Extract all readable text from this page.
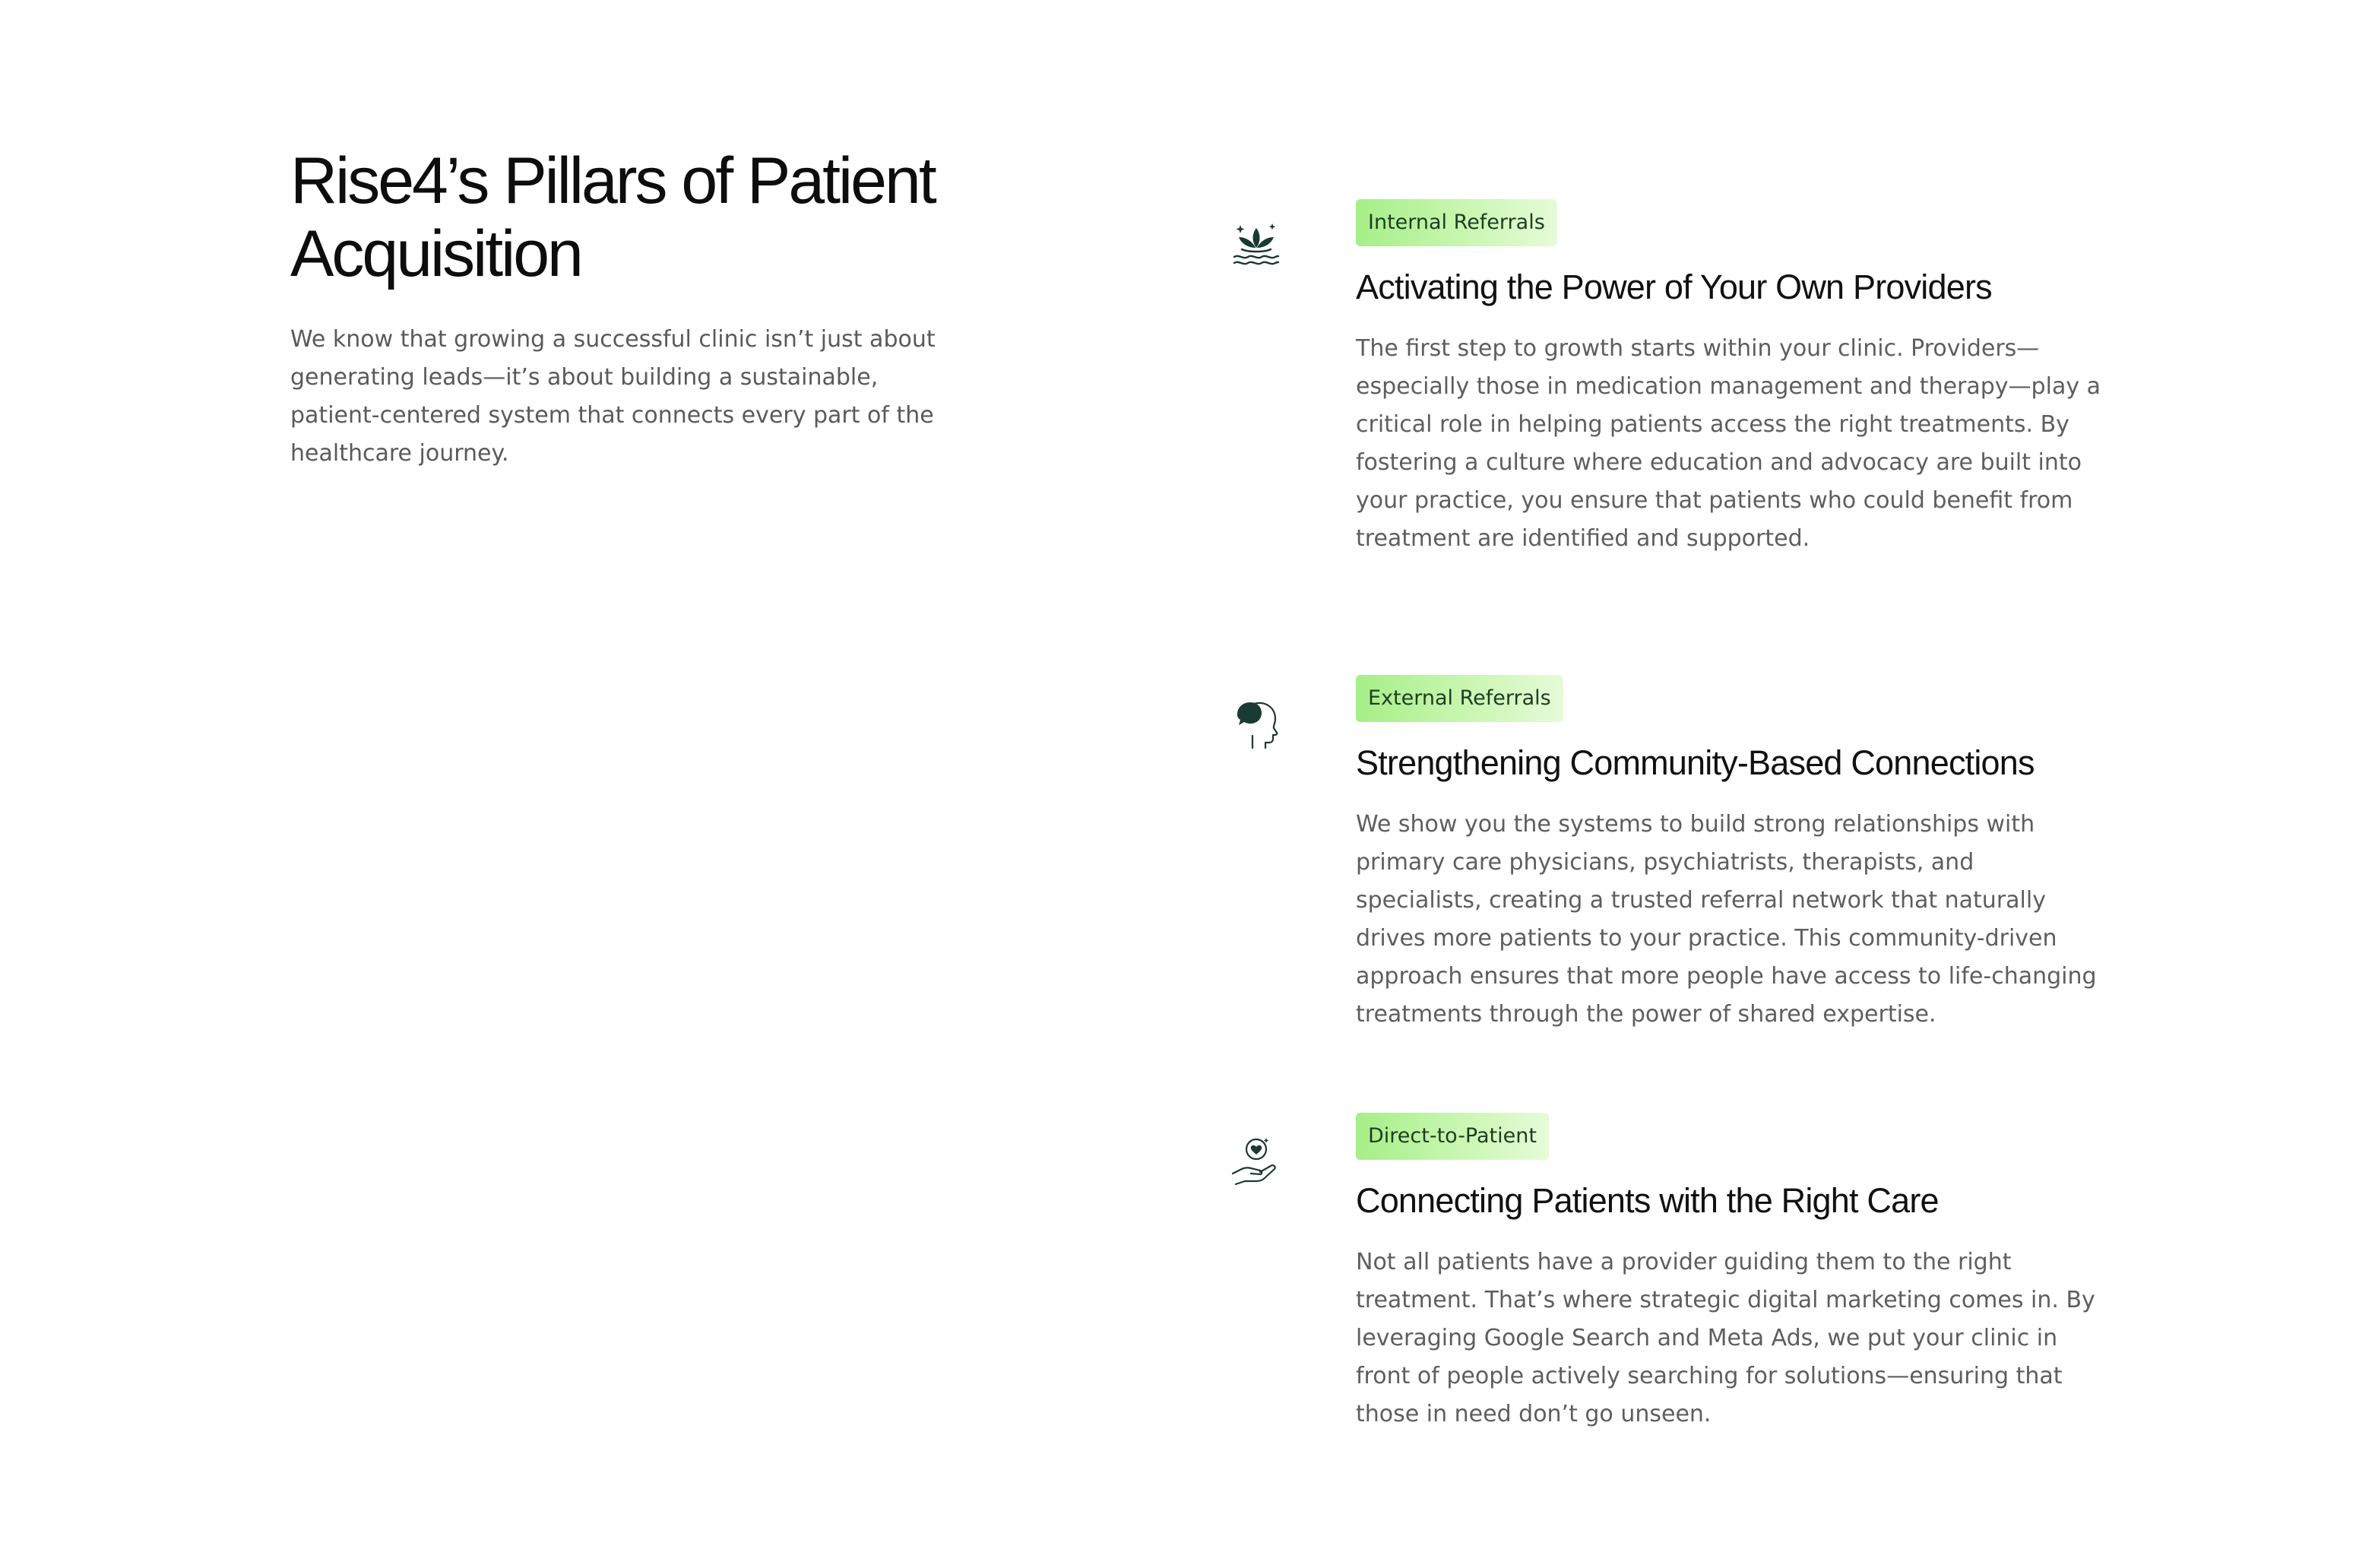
Rise4’s Pillars of Patient
Acquisition

We know that growing a successful clinic isn’t just about generating leads—it’s about building a sustainable, patient-centered system that connects every part of the healthcare journey.

Internal Referrals
Activating the Power of Your Own Providers

The first step to growth starts within your clinic. Providers—especially those in medication management and therapy—play a critical role in helping patients access the right treatments. By fostering a culture where education and advocacy are built into your practice, you ensure that patients who could benefit from treatment are identified and supported.

External Referrals
Strengthening Community-Based Connections

We show you the systems to build strong relationships with primary care physicians, psychiatrists, therapists, and specialists, creating a trusted referral network that naturally drives more patients to your practice. This community-driven approach ensures that more people have access to life-changing treatments through the power of shared expertise.

Direct-to-Patient
Connecting Patients with the Right Care

Not all patients have a provider guiding them to the right treatment. That’s where strategic digital marketing comes in. By leveraging Google Search and Meta Ads, we put your clinic in front of people actively searching for solutions—ensuring that those in need don’t go unseen.
